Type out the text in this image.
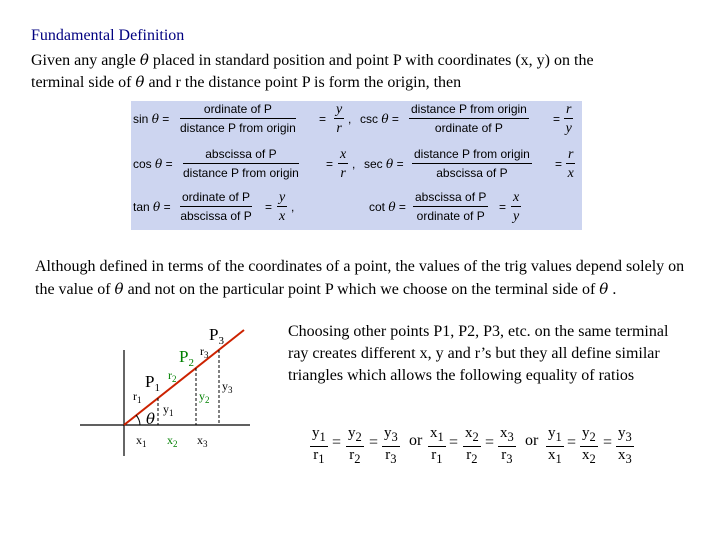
Fundamental Definition
Given any angle θ placed in standard position and point P with coordinates (x, y) on the
terminal side of θ and r the distance point P is form the origin, then
sin θ =
ordinate of P
distance P from origin
= $\frac{y}{r}$ , csc θ =
distance P from origin
ordinate of P
= $\frac{r}{y}$
cos θ =
abscissa of P
distance P from origin
= $\frac{x}{r}$ , sec θ =
distance P from origin
abscissa of P
= $\frac{r}{x}$
tan θ =
ordinate of P
abscissa of P
= $\frac{y}{x}$ ,	cot θ =
abscissa of P
ordinate of P
= $\frac{x}{y}$
Although defined in terms of the coordinates of a point, the values of the trig values depend solely on the value of θ and not on the particular point P which we choose on the terminal side of θ .
Choosing other points P1, P2, P3, etc. on the same terminal ray creates different x, y and r’s but they all define similar triangles which allows the following equality of ratios
$P_3$
$P_2$
$P_1$
$r_3$
$r_2$
$r_1$
$y_3$
$y_2$
$y_1$
θ
$x_1$ $x_2$ $x_3$	$\frac{y_1}{r_1} = \frac{y_2}{r_2} = \frac{y_3}{r_3}$ or $\frac{x_1}{r_1} = \frac{x_2}{r_2} = \frac{x_3}{r_3}$ or $\frac{y_1}{x_1} = \frac{y_2}{x_2} = \frac{y_3}{x_3}$
